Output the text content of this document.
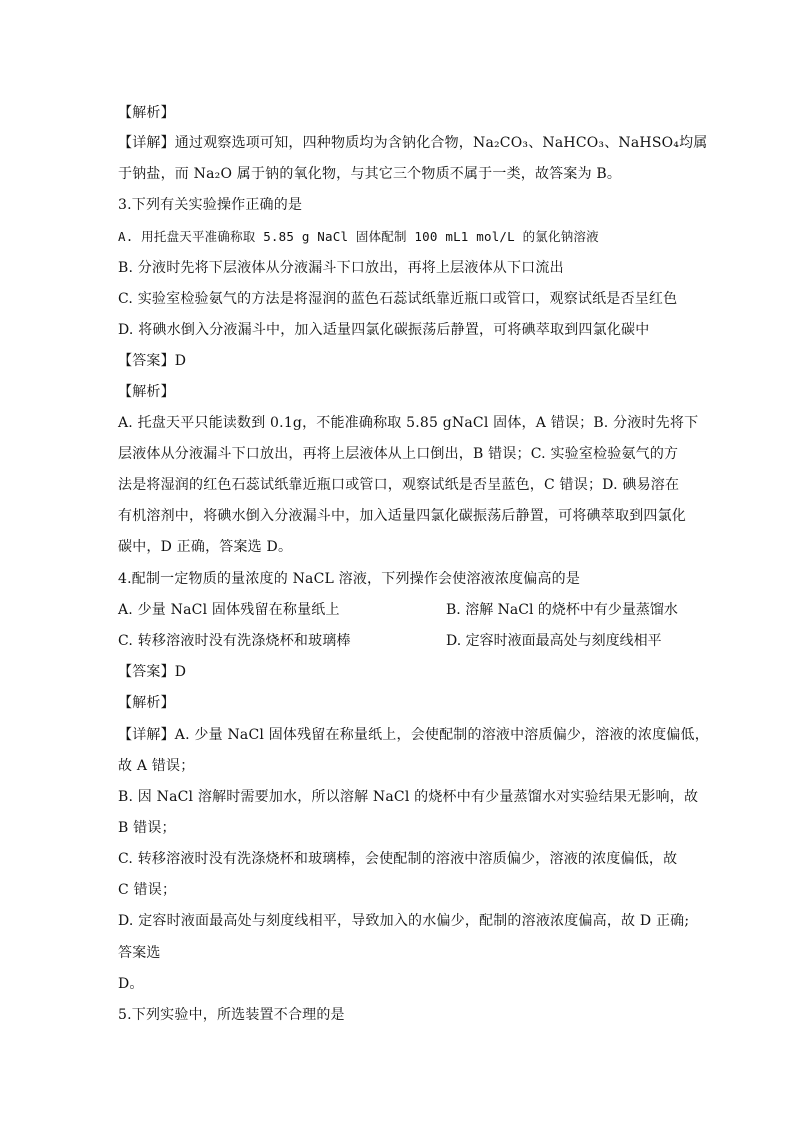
【解析】
【详解】通过观察选项可知，四种物质均为含钠化合物，Na₂CO₃、NaHCO₃、NaHSO₄均属
于钠盐，而 Na₂O 属于钠的氧化物，与其它三个物质不属于一类，故答案为 B。
3.下列有关实验操作正确的是
A. 用托盘天平准确称取 5.85 g NaCl 固体配制 100 mL1 mol/L 的氯化钠溶液
B. 分液时先将下层液体从分液漏斗下口放出，再将上层液体从下口流出
C. 实验室检验氨气的方法是将湿润的蓝色石蕊试纸靠近瓶口或管口，观察试纸是否呈红色
D. 将碘水倒入分液漏斗中，加入适量四氯化碳振荡后静置，可将碘萃取到四氯化碳中
【答案】D
【解析】
A. 托盘天平只能读数到 0.1g，不能准确称取 5.85 gNaCl 固体，A 错误；B. 分液时先将下
层液体从分液漏斗下口放出，再将上层液体从上口倒出，B 错误；C. 实验室检验氨气的方
法是将湿润的红色石蕊试纸靠近瓶口或管口，观察试纸是否呈蓝色，C 错误；D. 碘易溶在
有机溶剂中，将碘水倒入分液漏斗中，加入适量四氯化碳振荡后静置，可将碘萃取到四氯化
碳中，D 正确，答案选 D。
4.配制一定物质的量浓度的 NaCL 溶液，下列操作会使溶液浓度偏高的是
A. 少量 NaCl 固体残留在称量纸上	B. 溶解 NaCl 的烧杯中有少量蒸馏水
C. 转移溶液时没有洗涤烧杯和玻璃棒	D. 定容时液面最高处与刻度线相平
【答案】D
【解析】
【详解】A. 少量 NaCl 固体残留在称量纸上，会使配制的溶液中溶质偏少，溶液的浓度偏低，
故 A 错误；
B. 因 NaCl 溶解时需要加水，所以溶解 NaCl 的烧杯中有少量蒸馏水对实验结果无影响，故
B 错误；
C. 转移溶液时没有洗涤烧杯和玻璃棒，会使配制的溶液中溶质偏少，溶液的浓度偏低，故
C 错误；
D. 定容时液面最高处与刻度线相平，导致加入的水偏少，配制的溶液浓度偏高，故 D 正确;
答案选
D。
5.下列实验中，所选装置不合理的是
